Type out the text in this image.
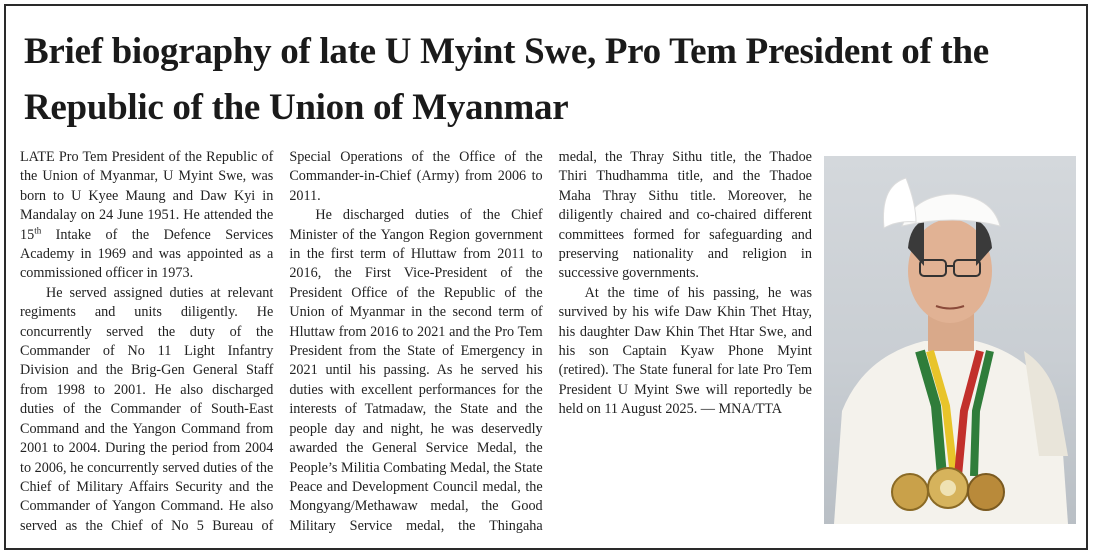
Brief biography of late U Myint Swe, Pro Tem President of the Republic of the Union of Myanmar

LATE Pro Tem President of the Republic of the Union of Myanmar, U Myint Swe, was born to U Kyee Maung and Daw Kyi in Mandalay on 24 June 1951. He attended the 15th Intake of the Defence Services Academy in 1969 and was appointed as a commissioned officer in 1973.

He served assigned duties at relevant regiments and units diligently. He concurrently served the duty of the Commander of No 11 Light Infantry Division and the Brig-Gen General Staff from 1998 to 2001. He also discharged duties of the Commander of South-East Command and the Yangon Command from 2001 to 2004. During the period from 2004 to 2006, he concurrently served duties of the Chief of Military Affairs Security and the Commander of Yangon Command. He also served as the Chief of No 5 Bureau of Special Operations of the Office of the Commander-in-Chief (Army) from 2006 to 2011.

He discharged duties of the Chief Minister of the Yangon Region government in the first term of Hluttaw from 2011 to 2016, the First Vice-President of the President Office of the Republic of the Union of Myanmar in the second term of Hluttaw from 2016 to 2021 and the Pro Tem President from the State of Emergency in 2021 until his passing. As he served his duties with excellent performances for the interests of Tatmadaw, the State and the people day and night, he was deservedly awarded the General Service Medal, the People’s Militia Combating Medal, the State Peace and Development Council medal, the Mongyang/Methawaw medal, the Good Military Service medal, the Thingaha medal, the Thray Sithu title, the Thadoe Thiri Thudhamma title, and the Thadoe Maha Thray Sithu title. Moreover, he diligently chaired and co-chaired different committees formed for safeguarding and preserving nationality and religion in successive governments.

At the time of his passing, he was survived by his wife Daw Khin Thet Htay, his daughter Daw Khin Thet Htar Swe, and his son Captain Kyaw Phone Myint (retired). The State funeral for late Pro Tem President U Myint Swe will reportedly be held on 11 August 2025. — MNA/TTA
